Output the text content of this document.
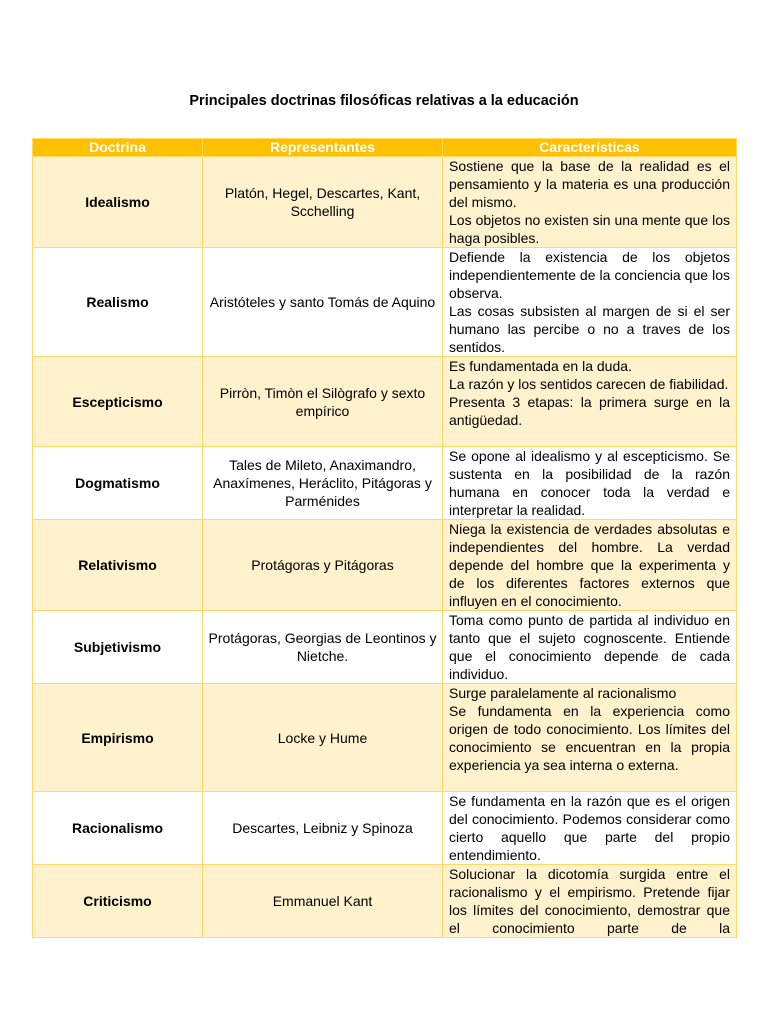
Principales doctrinas filosóficas relativas a la educación
Doctrina	Representantes	Características
Idealismo	Platón, Hegel, Descartes, Kant, Scchelling	Sostiene que la base de la realidad es el pensamiento y la materia es una producción del mismo.

Los objetos no existen sin una mente que los haga posibles.

Realismo	Aristóteles y santo Tomás de Aquino	Defiende la existencia de los objetos independientemente de la conciencia que los observa.

Las cosas subsisten al margen de si el ser humano las percibe o no a traves de los sentidos.

Escepticismo	Pirròn, Timòn el Silògrafo y sexto empírico	Es fundamentada en la duda.

La razón y los sentidos carecen de fiabilidad.

Presenta 3 etapas: la primera surge en la antigüedad.

Dogmatismo	Tales de Mileto, Anaximandro, Anaxímenes, Heráclito, Pitágoras y Parménides	Se opone al idealismo y al escepticismo. Se sustenta en la posibilidad de la razón humana en conocer toda la verdad e interpretar la realidad.

Relativismo	Protágoras y Pitágoras	Niega la existencia de verdades absolutas e independientes del hombre. La verdad depende del hombre que la experimenta y de los diferentes factores externos que influyen en el conocimiento.

Subjetivismo	Protágoras, Georgias de Leontinos y Nietche.	Toma como punto de partida al individuo en tanto que el sujeto cognoscente. Entiende que el conocimiento depende de cada individuo.

Empirismo	Locke y Hume	Surge paralelamente al racionalismo

Se fundamenta en la experiencia como origen de todo conocimiento. Los límites del conocimiento se encuentran en la propia experiencia ya sea interna o externa.

Racionalismo	Descartes, Leibniz y Spinoza	Se fundamenta en la razón que es el origen del conocimiento. Podemos considerar como cierto aquello que parte del propio entendimiento.

Criticismo	Emmanuel Kant	Solucionar la dicotomía surgida entre el racionalismo y el empirismo. Pretende fijar los límites del conocimiento, demostrar que el conocimiento parte de la
